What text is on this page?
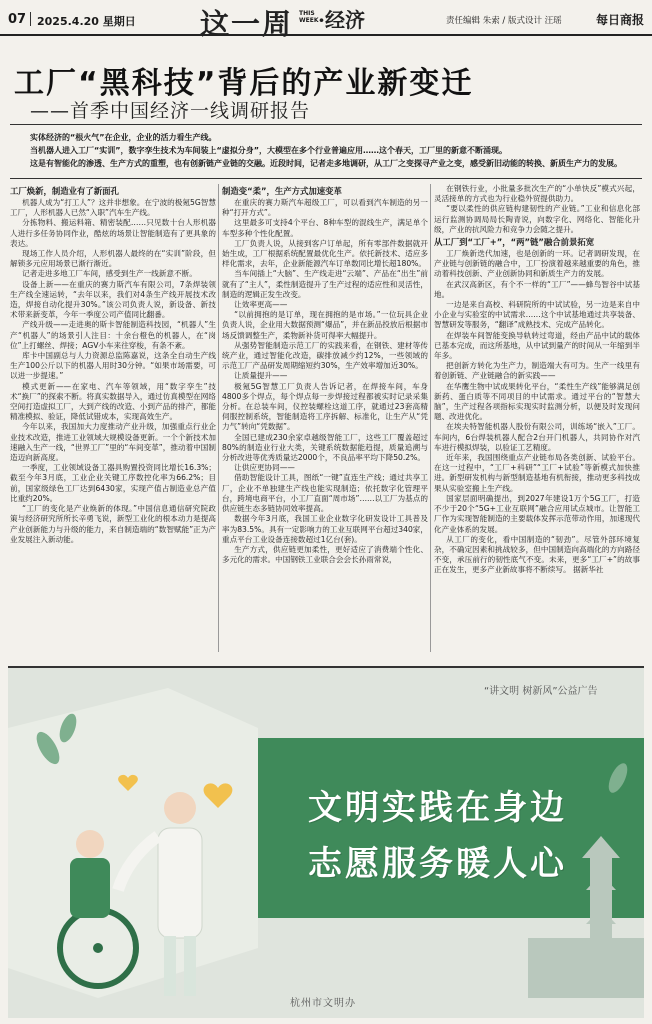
07 2025.4.20 星期日 这一周 THIS WEEK ·经济	责任编辑 朱索 / 版式设计 汪瑶	每日商报
工厂“黑科技”背后的产业新变迁
——首季中国经济一线调研报告

实体经济的“根火气”在企业，企业的活力看生产线。

当机器人进入工厂“实训”，数字孪生技术为车间装上“虚拟分身”，大模型在多个行业普遍应用……这个春天，工厂里的新意不断涌现。

这是有智能化的渗透、生产方式的重塑，也有创新链产业链的交融。近段时间，记者走多地调研，从工厂之变探寻产业之变，感受新旧动能的转换、新质生产力的发展。

工厂焕新，制造业有了新面孔

机器人成为“打工人”？这并非想象。在宁波的极氪5G智慧工厂，人形机器人已然“入职”汽车生产线。

分拣物料、搬运料箱、精密装配……只见数十台人形机器人进行多任务协同作业，酷炫的场景让智能制造有了更具象的表达。

现场工作人员介绍，人形机器人最终的在“实训”阶段，但解锁多元应用场景已渐行渐近。

记者走进多地工厂车间，感受到生产一线新意不断。

设备上新——在重庆的赛力斯汽车有限公司，7条焊装领生产线全速运转，“去年以来，我们对4条生产线开展技术改造，焊接自动化提升30%。”该公司负责人说，新设备、新技术带来新变革，今年一季度公司产值同比翻番。

产线升级——走进奥的斯卡智能制造科技园，“机器人”生产“机器人”的场景引人注目：十余台橙色的机器人，在“岗位”上打螺丝、焊接；AGV小车来往穿梭，有条不紊。

库卡中国副总与人力资源总监陈嘉说，这条全自动生产线生产100公斤以下的机器人用时30分钟。“如果市场需要，可以进一步提速。”

模式更新——在家电、汽车等领域，用“数字孪生”技术“换厂”的探索不断。将真实数据导入，通过仿真模型在网络空间打造虚拟工厂，大到产线的改造、小到产品的排产，都能精准模拟、验证，降低试错成本，实现高效生产。

今年以来，我国加大力度推动产业升级，加强重点行业企业技术改造，推进工业领域大规模设备更新。一个个新技术加速融入生产一线，“世界工厂”里的“车间变革”，推动着中国制造迈向新高度。

一季度，工业领域设备工器具购置投资同比增长16.3%；截至今年3月底，工业企业关键工序数控化率为66.2%；目前，国家级绿色工厂达到6430家，实现产值占制造业总产值比重约20%。

“工厂的变化是产业焕新的体现。”中国信息通信研究院政策与经济研究所所长辛勇飞说，新型工业化的根本动力是提高产业创新能力与升级的能力，来自制造端的“数智赋能”正为产业发展注入新动能。

制造变“柔”，生产方式加速变革

在重庆的赛力斯汽车超级工厂，可以看到汽车制造的另一种“打开方式”。

这里最多可支持4个平台、8种车型的混线生产，满足单个车型多种个性化配置。

工厂负责人说，从接到客户订单起，所有零部件数据就开始生成，工厂根据系统配置最优化生产。依托新技术、适应多样化需求，去年，企业新能源汽车订单数同比增长超180%。

当车间插上“大脑”、生产线走进“云端”、产品在“出生”前就有了“主人”，柔性制造提升了生产过程的适应性和灵活性，制造的逻辑正发生改变。

让效率更高——

“以前拥抱的是订单，现在拥抱的是市场。”一位玩具企业负责人说，企业用大数据预测“爆品”，并在新品投放后根据市场反馈调整生产，柔物新补货可得率大幅提升。

从强势智能制造示范工厂的实践来看，在钢铁、建材等传统产业，通过智能化改造，碳排放减少约12%，一些领域的示范工厂产品研发周期缩短约30%，生产效率增加近30%。

让质量提升——

极氪5G智慧工厂负责人告诉记者，在焊接车间，车身4800多个焊点，每个焊点每一步焊接过程都被实时记录采集分析。在总装车间，仪控装螺栓这道工序，就通过23套高精伺服控制系统，智能制造将工序拆解、标准化，让生产从“凭力气”转向“凭数据”。

全国已建成230余家卓越级智能工厂，这些工厂覆盖超过80%的制造业行业大类，关键系统数据能趋提，质量追溯与分析改进等优秀质量达2000个，不良品率平均下降50.2%。

让供应更协同——

借助智能设计工具，图纸“一键”直连生产线；通过共享工厂，企业不单独建生产线也能实现制造；依托数字化管理平台，跨境电商平台，小工厂直面“周市场”……以工厂为基点的供应链生态多链协同效率提高。

数据今年3月底，我国工业企业数字化研发设计工具普及率为83.5%。具有一定影响力的工业互联网平台超过340家，重点平台工业设备连接数超过1亿台(套)。

生产方式，供应链更加柔性，更好适应了消费端个性化、多元化的需求。中国钢铁工业联合会会长孙雨常说，

在钢铁行业，小批量多批次生产的“小单快反”模式兴起，灵活接单的方式也为行业稳外贸提供助力。

“要以柔性的供应链构建韧性的产业链。”工业和信息化部运行监测协调局局长陶青说，向数字化、网络化、智能化升级，产业的抗风险力和竞争力会随之提升。

从工厂到“工厂+”，“两”链”融合前景拓宽

工厂焕新迭代加速，也是创新的一环。记者调研发现，在产业链与创新链的融合中，工厂扮演着越来越重要的角色，推动着科技创新、产业创新协同和新质生产力的发展。

在武汉高新区，有个不一样的“工厂”——蜂鸟智谷中试基地。

一边是来自高校、科研院所的中试试验，另一边是来自中小企业与实验室的中试需求……这个中试基地通过共享装备、智慧研发等服务，“翻译”成熟技术、完成产品转化。

在焊装车间智能变换导轨转过弯道，经由产品中试的载体已基本完成，而这所基地，从中试到量产的时间从一年缩到半年多。

把创新方转化为生产力，制造端大有可为。生产一线里有着创新链、产业链融合的新实践——

在华鹰生物中试成果转化平台，“柔性生产线”能够满足创新药、蛋白质等不同项目的中试需求。通过平台的“智慧大脑”，生产过程各项指标实现实时监测分析，以便及时发现问题、改进优化。

在埃夫特智能机器人股份有限公司，训练场“嵌入”工厂。车间内，6台焊装机器人配合2台开门机器人，共同协作对汽车进行模拟焊装，以验证工艺精度。

近年来，我国围绕重点产业链布局各类创新、试验平台。在这一过程中，“工厂+科研”“工厂+试验”等新模式加快推进。新型研发机构与新型制造基地有机衔接，推动更多科技成果从实验室搬上生产线。

国家层面明确提出，到2027年建设1万个5G工厂，打造不少于20个“5G+工业互联网”融合应用试点城市。让智能工厂作为实现智能制造的主要载体发挥示范带动作用，加速现代化产业体系的发展。

从工厂的变化，看中国制造的“韧劲”。尽管外部环境复杂，不确定因素和挑战较多，但中国制造向高端化的方向路径不变，承压前行的韧性底气不变。未来，更多“工厂+”的故事正在发生，更多产业新故事将不断续写。 据新华社

“讲文明 树新风”公益广告
文明实践在身边
志愿服务暖人心
杭州市文明办
